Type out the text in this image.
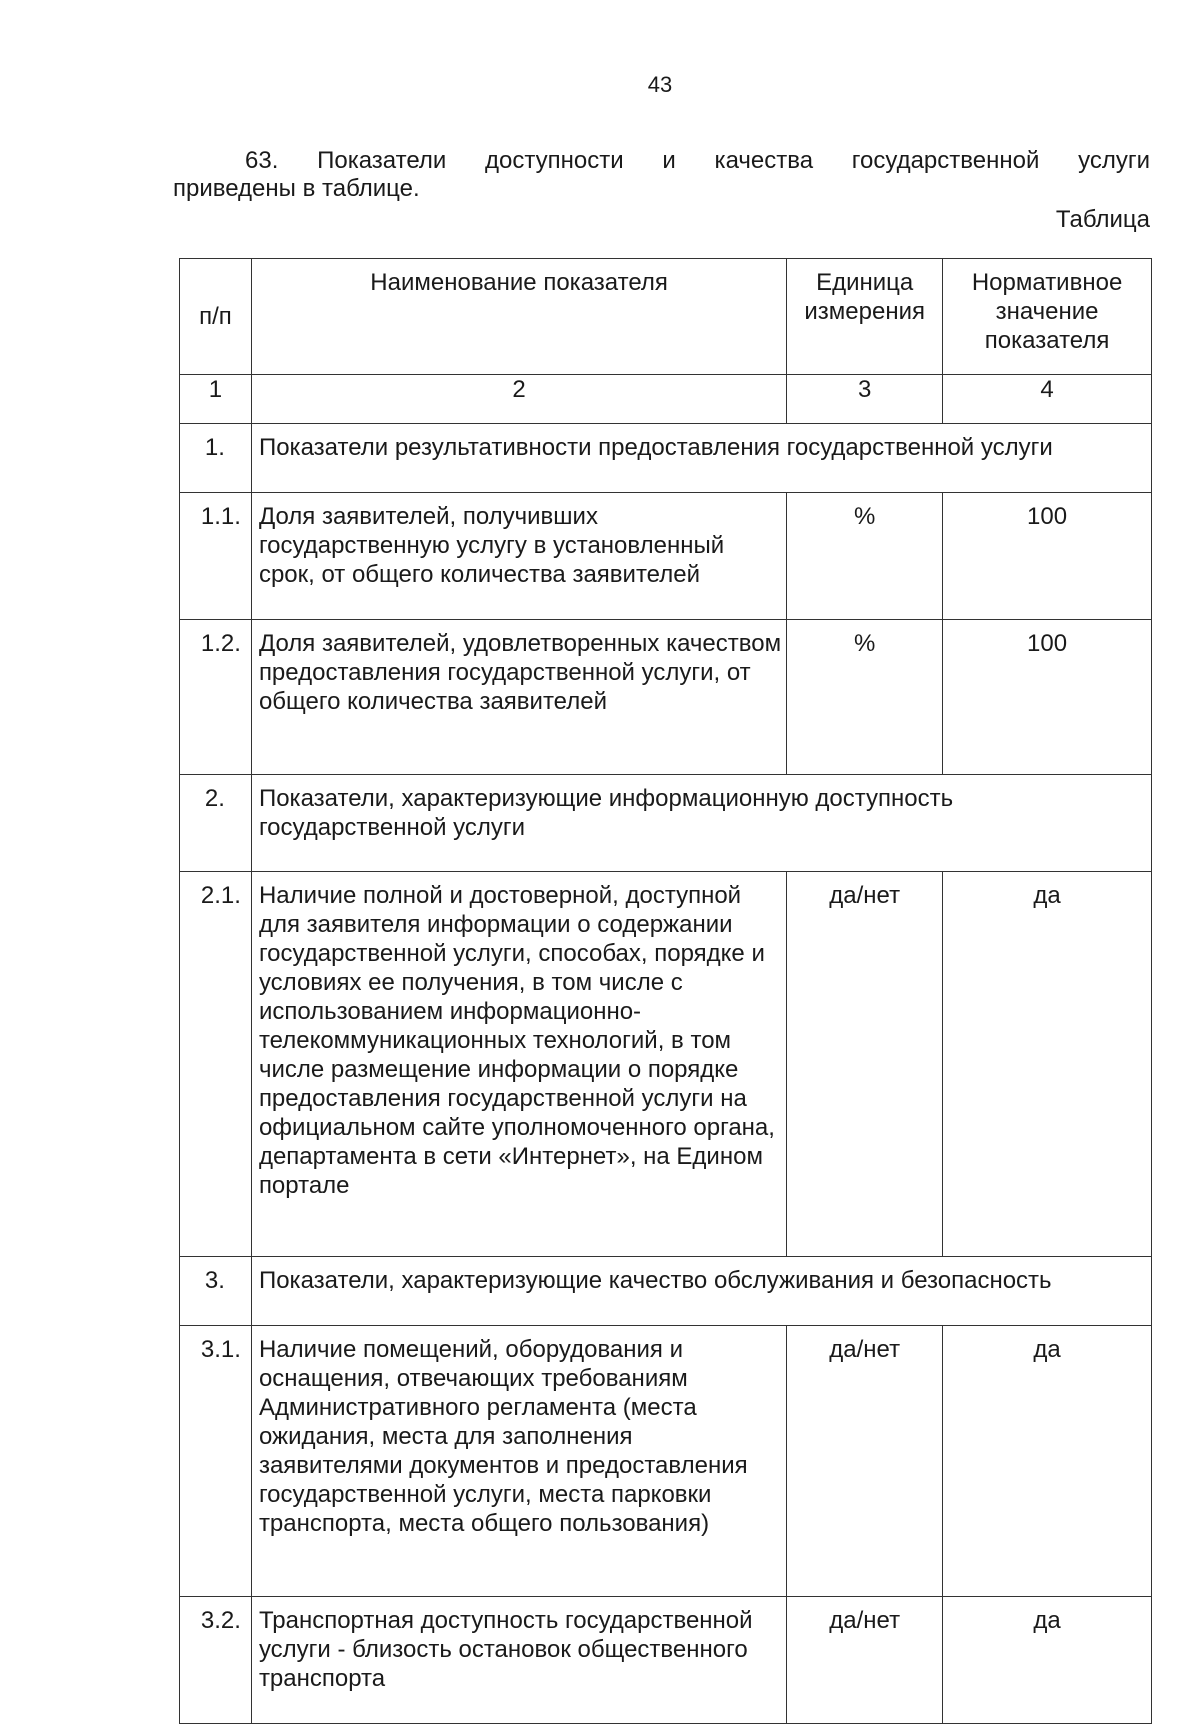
43
63. Показатели доступности и качества государственной услуги
приведены в таблице.
Таблица
п/п	Наименование показателя	Единица измерения	Нормативное значение показателя
1	2	3	4
1.	Показатели результативности предоставления государственной услуги		
1.1.	Доля заявителей, получивших государственную услугу в установленный срок, от общего количества заявителей	%	100
1.2.	Доля заявителей, удовлетворенных качеством предоставления государственной услуги, от общего количества заявителей	%	100
2.	Показатели, характеризующие информационную доступность государственной услуги		
2.1.	Наличие полной и достоверной, доступной для заявителя информации о содержании государственной услуги, способах, порядке и условиях ее получения, в том числе с использованием информационно-телекоммуникационных технологий, в том числе размещение информации о порядке предоставления государственной услуги на официальном сайте уполномоченного органа, департамента в сети «Интернет», на Едином портале	да/нет	да
3.	Показатели, характеризующие качество обслуживания и безопасность		
3.1.	Наличие помещений, оборудования и оснащения, отвечающих требованиям Административного регламента (места ожидания, места для заполнения заявителями документов и предоставления государственной услуги, места парковки транспорта, места общего пользования)	да/нет	да
3.2.	Транспортная доступность государственной услуги - близость остановок общественного транспорта	да/нет	да
